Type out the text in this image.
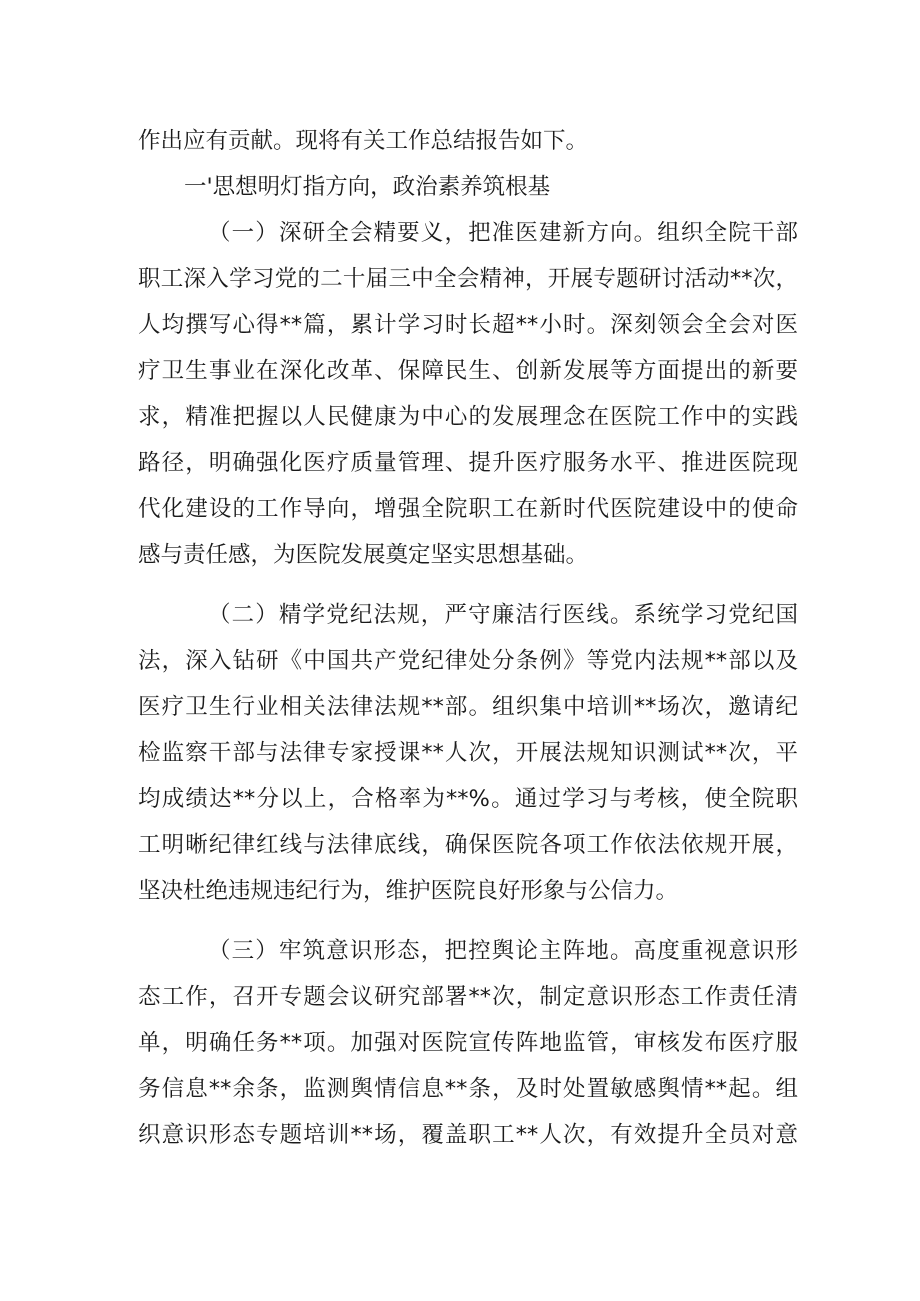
作出应有贡献。现将有关工作总结报告如下。
一'思想明灯指方向，政治素养筑根基
（一）深研全会精要义，把准医建新方向。组织全院干部
职工深入学习党的二十届三中全会精神，开展专题研讨活动**次，
人均撰写心得**篇，累计学习时长超**小时。深刻领会全会对医
疗卫生事业在深化改革、保障民生、创新发展等方面提出的新要
求，精准把握以人民健康为中心的发展理念在医院工作中的实践
路径，明确强化医疗质量管理、提升医疗服务水平、推进医院现
代化建设的工作导向，增强全院职工在新时代医院建设中的使命
感与责任感，为医院发展奠定坚实思想基础。
（二）精学党纪法规，严守廉洁行医线。系统学习党纪国
法，深入钻研《中国共产党纪律处分条例》等党内法规**部以及
医疗卫生行业相关法律法规**部。组织集中培训**场次，邀请纪
检监察干部与法律专家授课**人次，开展法规知识测试**次，平
均成绩达**分以上，合格率为**%。通过学习与考核，使全院职
工明晰纪律红线与法律底线，确保医院各项工作依法依规开展，
坚决杜绝违规违纪行为，维护医院良好形象与公信力。
（三）牢筑意识形态，把控舆论主阵地。高度重视意识形
态工作，召开专题会议研究部署**次，制定意识形态工作责任清
单，明确任务**项。加强对医院宣传阵地监管，审核发布医疗服
务信息**余条，监测舆情信息**条，及时处置敏感舆情**起。组
织意识形态专题培训**场，覆盖职工**人次，有效提升全员对意
